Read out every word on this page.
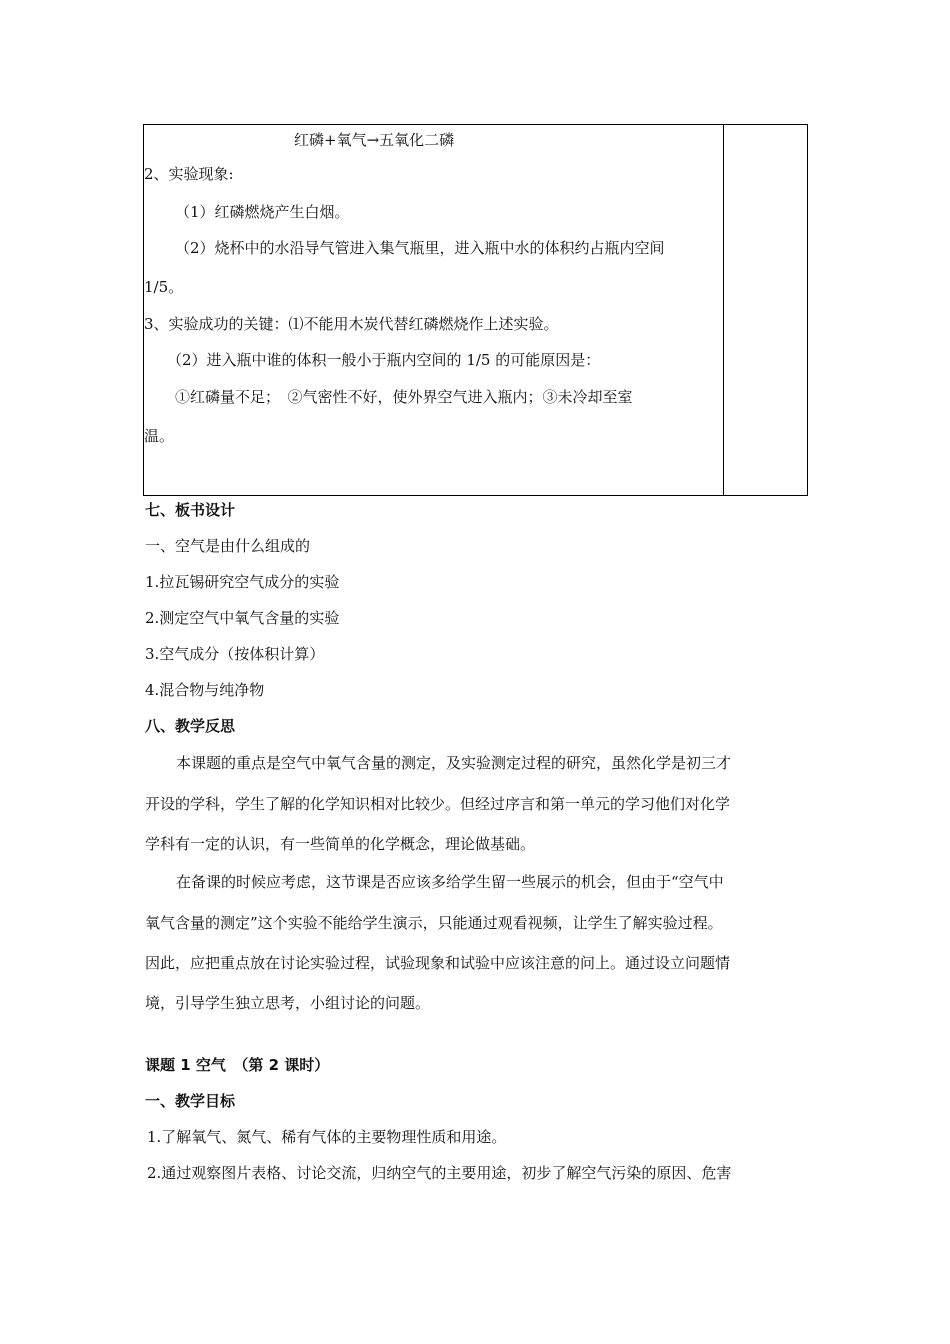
红磷+氧气→五氧化二磷
2、实验现象:
（1）红磷燃烧产生白烟。
（2）烧杯中的水沿导气管进入集气瓶里，进入瓶中水的体积约占瓶内空间
1/5。
3、实验成功的关键：⑴不能用木炭代替红磷燃烧作上述实验。
（2）进入瓶中谁的体积一般小于瓶内空间的 1/5 的可能原因是：
①红磷量不足；　②气密性不好，使外界空气进入瓶内；③未冷却至室
温。
七、板书设计
一、空气是由什么组成的
1.拉瓦锡研究空气成分的实验
2.测定空气中氧气含量的实验
3.空气成分（按体积计算）
4.混合物与纯净物
八、教学反思
本课题的重点是空气中氧气含量的测定，及实验测定过程的研究，虽然化学是初三才
开设的学科，学生了解的化学知识相对比较少。但经过序言和第一单元的学习他们对化学
学科有一定的认识，有一些简单的化学概念，理论做基础。
在备课的时候应考虑，这节课是否应该多给学生留一些展示的机会，但由于“空气中
氧气含量的测定”这个实验不能给学生演示，只能通过观看视频，让学生了解实验过程。
因此，应把重点放在讨论实验过程，试验现象和试验中应该注意的问上。通过设立问题情
境，引导学生独立思考，小组讨论的问题。
课题 1 空气　（第 2 课时）
一、教学目标
1.了解氧气、氮气、稀有气体的主要物理性质和用途。
2.通过观察图片表格、讨论交流，归纳空气的主要用途，初步了解空气污染的原因、危害
